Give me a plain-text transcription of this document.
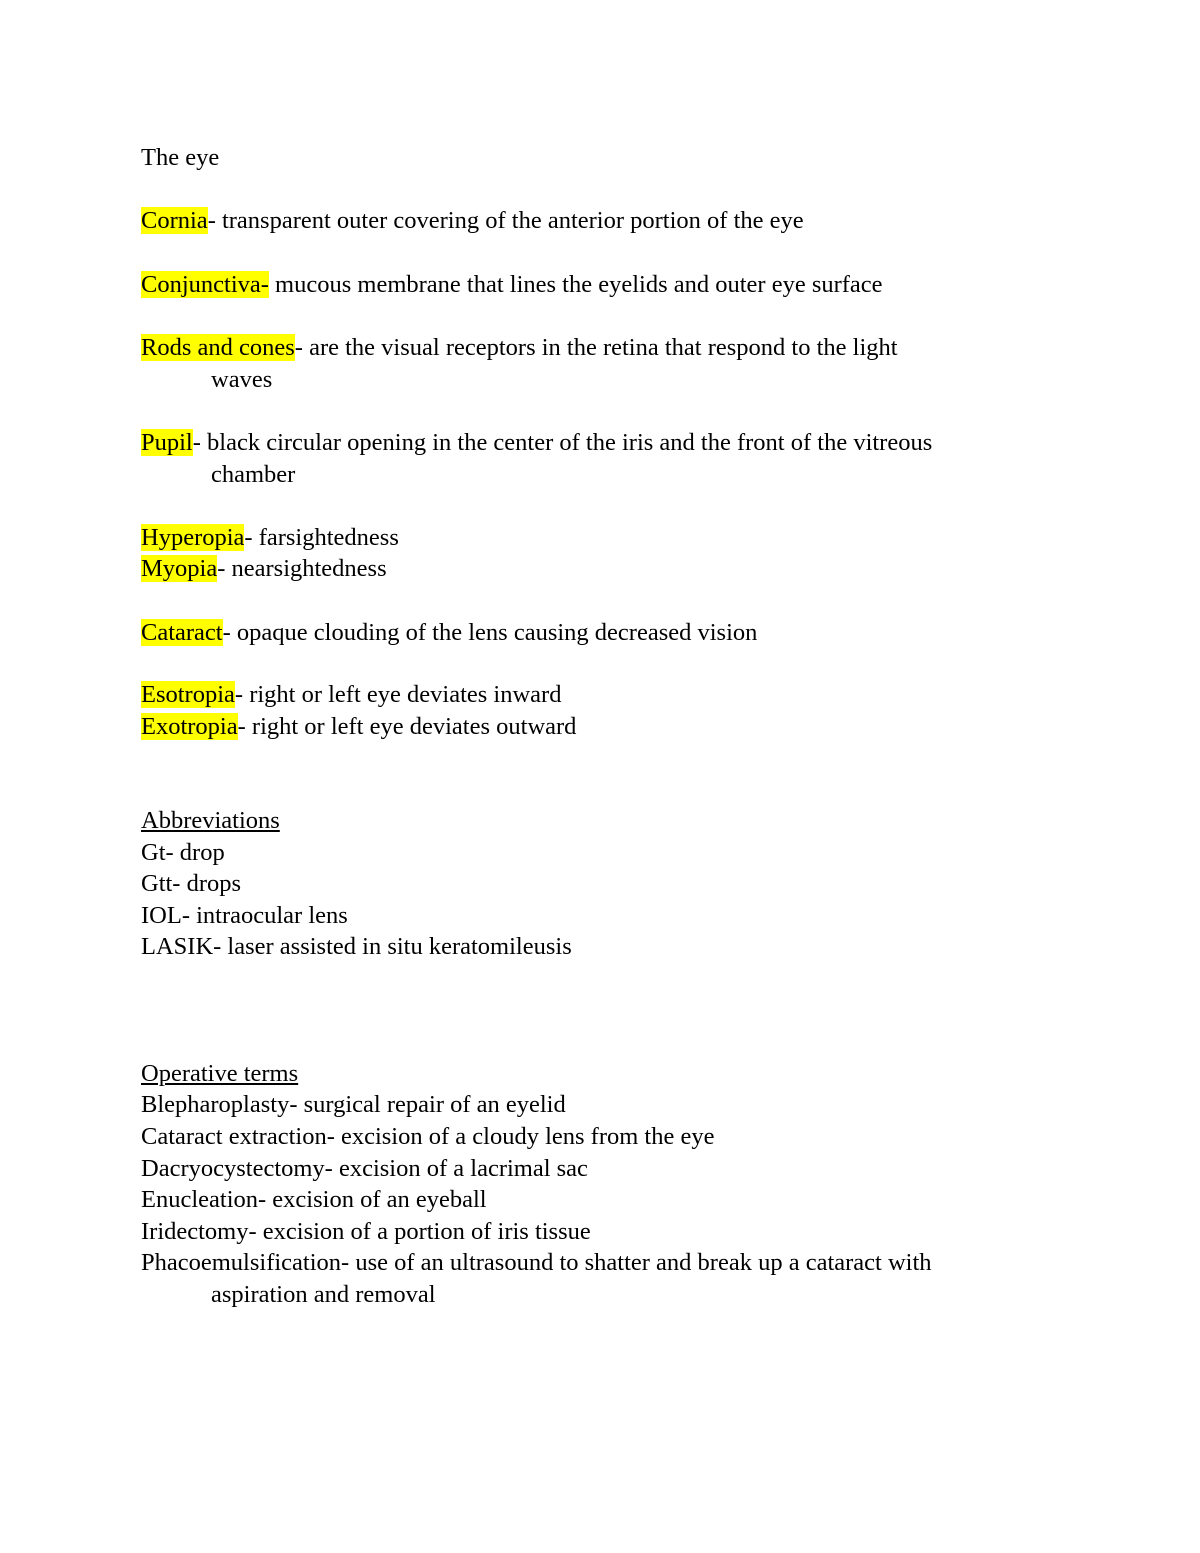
The eye
Cornia- transparent outer covering of the anterior portion of the eye
Conjunctiva- mucous membrane that lines the eyelids and outer eye surface
Rods and cones- are the visual receptors in the retina that respond to the light
waves
Pupil- black circular opening in the center of the iris and the front of the vitreous
chamber
Hyperopia- farsightedness
Myopia- nearsightedness
Cataract- opaque clouding of the lens causing decreased vision
Esotropia- right or left eye deviates inward
Exotropia- right or left eye deviates outward
Abbreviations
Gt- drop
Gtt- drops
IOL- intraocular lens
LASIK- laser assisted in situ keratomileusis
Operative terms
Blepharoplasty- surgical repair of an eyelid
Cataract extraction- excision of a cloudy lens from the eye
Dacryocystectomy- excision of a lacrimal sac
Enucleation- excision of an eyeball
Iridectomy- excision of a portion of iris tissue
Phacoemulsification- use of an ultrasound to shatter and break up a cataract with
aspiration and removal
